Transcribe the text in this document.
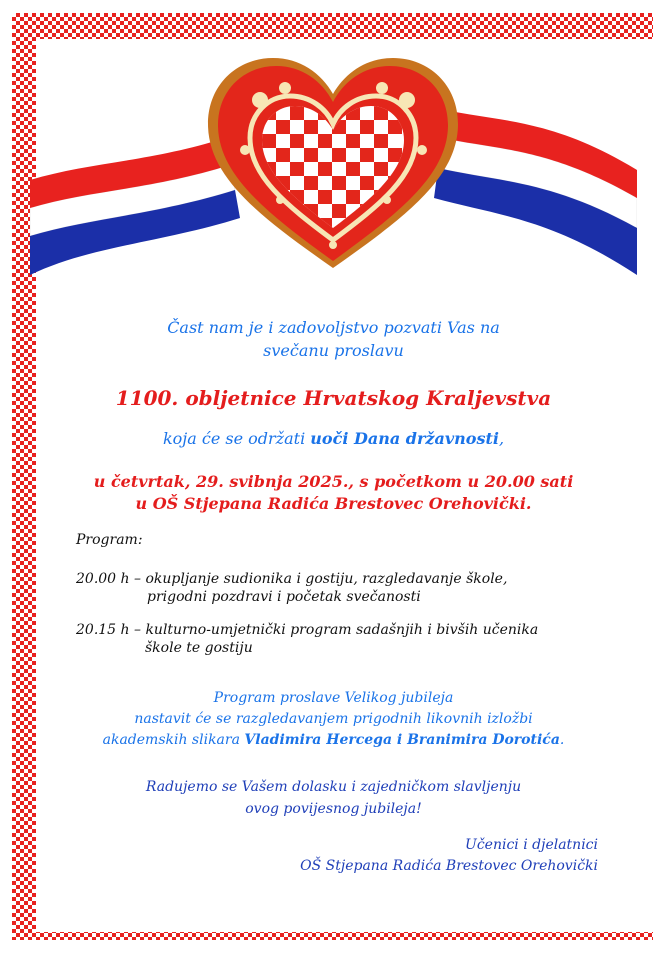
Čast nam je i zadovoljstvo pozvati Vas na
svečanu proslavu
1100. obljetnice Hrvatskog Kraljevstva
koja će se održati uoči Dana državnosti,
u četvrtak, 29. svibnja 2025., s početkom u 20.00 sati
u OŠ Stjepana Radića Brestovec Orehovički.
Program:
20.00 h – okupljanje sudionika i gostiju, razgledavanje škole,
prigodni pozdravi i početak svečanosti
20.15 h – kulturno-umjetnički program sadašnjih i bivših učenika
škole te gostiju
Program proslave Velikog jubileja
nastavit će se razgledavanjem prigodnih likovnih izložbi
akademskih slikara Vladimira Hercega i Branimira Dorotića.
Radujemo se Vašem dolasku i zajedničkom slavljenju
ovog povijesnog jubileja!
Učenici i djelatnici
OŠ Stjepana Radića Brestovec Orehovički
